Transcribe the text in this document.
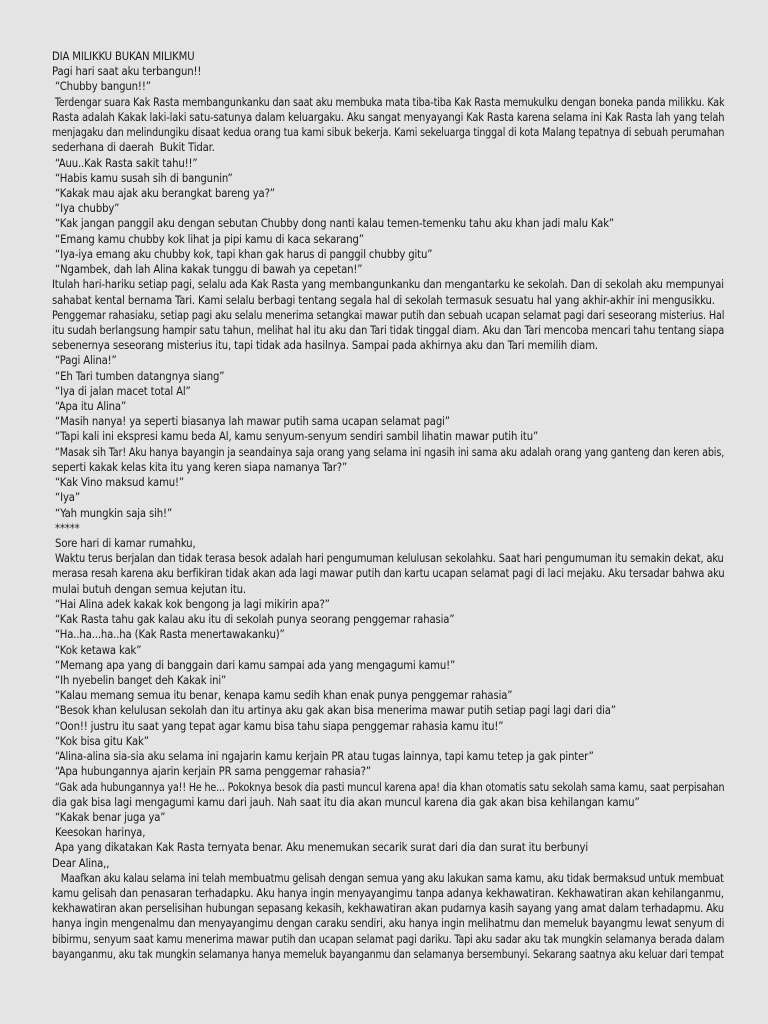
DIA MILIKKU BUKAN MILIKMU
Pagi hari saat aku terbangun!!
“Chubby bangun!!”
Terdengar suara Kak Rasta membangunkanku dan saat aku membuka mata tiba-tiba Kak Rasta memukulku dengan boneka panda milikku. Kak
Rasta adalah Kakak laki-laki satu-satunya dalam keluargaku. Aku sangat menyayangi Kak Rasta karena selama ini Kak Rasta lah yang telah
menjagaku dan melindungiku disaat kedua orang tua kami sibuk bekerja. Kami sekeluarga tinggal di kota Malang tepatnya di sebuah perumahan
sederhana di daerah  Bukit Tidar.
“Auu..Kak Rasta sakit tahu!!”
“Habis kamu susah sih di bangunin”
“Kakak mau ajak aku berangkat bareng ya?”
“Iya chubby”
“Kak jangan panggil aku dengan sebutan Chubby dong nanti kalau temen-temenku tahu aku khan jadi malu Kak”
“Emang kamu chubby kok lihat ja pipi kamu di kaca sekarang”
“Iya-iya emang aku chubby kok, tapi khan gak harus di panggil chubby gitu”
“Ngambek, dah lah Alina kakak tunggu di bawah ya cepetan!”
Itulah hari-hariku setiap pagi, selalu ada Kak Rasta yang membangunkanku dan mengantarku ke sekolah. Dan di sekolah aku mempunyai
sahabat kental bernama Tari. Kami selalu berbagi tentang segala hal di sekolah termasuk sesuatu hal yang akhir-akhir ini mengusikku.
Penggemar rahasiaku, setiap pagi aku selalu menerima setangkai mawar putih dan sebuah ucapan selamat pagi dari seseorang misterius. Hal
itu sudah berlangsung hampir satu tahun, melihat hal itu aku dan Tari tidak tinggal diam. Aku dan Tari mencoba mencari tahu tentang siapa
sebenernya seseorang misterius itu, tapi tidak ada hasilnya. Sampai pada akhirnya aku dan Tari memilih diam.
“Pagi Alina!”
“Eh Tari tumben datangnya siang”
“Iya di jalan macet total Al”
“Apa itu Alina”
“Masih nanya! ya seperti biasanya lah mawar putih sama ucapan selamat pagi”
“Tapi kali ini ekspresi kamu beda Al, kamu senyum-senyum sendiri sambil lihatin mawar putih itu”
“Masak sih Tar! Aku hanya bayangin ja seandainya saja orang yang selama ini ngasih ini sama aku adalah orang yang ganteng dan keren abis,
seperti kakak kelas kita itu yang keren siapa namanya Tar?”
“Kak Vino maksud kamu!”
“Iya”
“Yah mungkin saja sih!”
*****
Sore hari di kamar rumahku,
Waktu terus berjalan dan tidak terasa besok adalah hari pengumuman kelulusan sekolahku. Saat hari pengumuman itu semakin dekat, aku
merasa resah karena aku berfikiran tidak akan ada lagi mawar putih dan kartu ucapan selamat pagi di laci mejaku. Aku tersadar bahwa aku
mulai butuh dengan semua kejutan itu.
“Hai Alina adek kakak kok bengong ja lagi mikirin apa?”
“Kak Rasta tahu gak kalau aku itu di sekolah punya seorang penggemar rahasia”
“Ha..ha...ha..ha (Kak Rasta menertawakanku)”
“Kok ketawa kak”
“Memang apa yang di banggain dari kamu sampai ada yang mengagumi kamu!”
“Ih nyebelin banget deh Kakak ini”
“Kalau memang semua itu benar, kenapa kamu sedih khan enak punya penggemar rahasia”
“Besok khan kelulusan sekolah dan itu artinya aku gak akan bisa menerima mawar putih setiap pagi lagi dari dia”
“Oon!! justru itu saat yang tepat agar kamu bisa tahu siapa penggemar rahasia kamu itu!”
“Kok bisa gitu Kak”
“Alina-alina sia-sia aku selama ini ngajarin kamu kerjain PR atau tugas lainnya, tapi kamu tetep ja gak pinter”
“Apa hubungannya ajarin kerjain PR sama penggemar rahasia?”
“Gak ada hubungannya ya!! He he... Pokoknya besok dia pasti muncul karena apa! dia khan otomatis satu sekolah sama kamu, saat perpisahan
dia gak bisa lagi mengagumi kamu dari jauh. Nah saat itu dia akan muncul karena dia gak akan bisa kehilangan kamu”
“Kakak benar juga ya”
Keesokan harinya,
Apa yang dikatakan Kak Rasta ternyata benar. Aku menemukan secarik surat dari dia dan surat itu berbunyi
Dear Alina,,
Maafkan aku kalau selama ini telah membuatmu gelisah dengan semua yang aku lakukan sama kamu, aku tidak bermaksud untuk membuat
kamu gelisah dan penasaran terhadapku. Aku hanya ingin menyayangimu tanpa adanya kekhawatiran. Kekhawatiran akan kehilanganmu,
kekhawatiran akan perselisihan hubungan sepasang kekasih, kekhawatiran akan pudarnya kasih sayang yang amat dalam terhadapmu. Aku
hanya ingin mengenalmu dan menyayangimu dengan caraku sendiri, aku hanya ingin melihatmu dan memeluk bayangmu lewat senyum di
bibirmu, senyum saat kamu menerima mawar putih dan ucapan selamat pagi dariku. Tapi aku sadar aku tak mungkin selamanya berada dalam
bayanganmu, aku tak mungkin selamanya hanya memeluk bayanganmu dan selamanya bersembunyi. Sekarang saatnya aku keluar dari tempat
